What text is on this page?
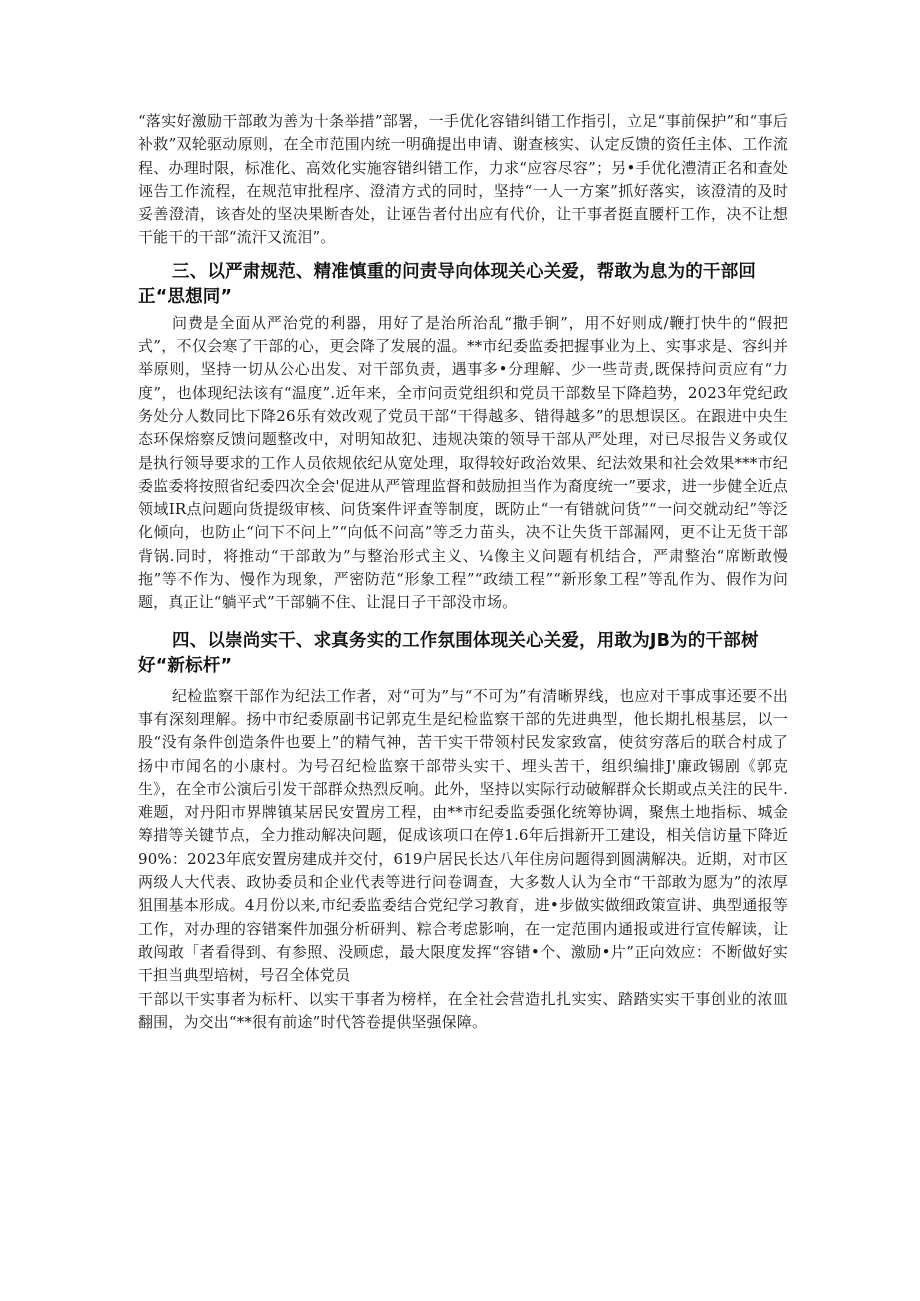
“落实好激励干部敢为善为十条举措”部署，一手优化容错纠错工作指引，立足“事前保护”和“事后补救”双轮驱动原则，在全市范围内统一明确提出申请、谢查核实、认定反馈的资任主体、工作流程、办理时限，标准化、高效化实施容错纠错工作，力求“应容尽容”；另•手优化澧清正名和查处诬告工作流程，在规范审批程序、澄清方式的同时，坚持“一人一方案”抓好落实，该澄清的及时妥善澄清，该杳处的坚决果断杳处，让诬告者付出应有代价，让干事者挺直腰杆工作，决不让想干能干的干部“流汗又流泪”。

三、以严肃规范、精准慎重的问责导向体现关心关爱，帮敢为息为的干部回正“思想同”

问费是全面从严治党的利器，用好了是治所治乱“撒手锏”，用不好则成/鞭打快牛的“假把式”，不仅会寒了干部的心，更会降了发展的温。**市纪委监委把握事业为上、实事求是、容纠并举原则，坚持一切从公心出发、对干部负责，遇事多•分理解、少一些苛责,既保持问贡应有“力度”，也体现纪法该有“温度”.近年来，全市问贡党组织和党员干部数呈下降趋势，2023年党纪政务处分人数同比下降26乐有效改观了党员干部“干得越多、错得越多”的思想误区。在跟进中央生态环保熔察反馈问题整改中，对明知故犯、违规决策的领导干部从严处理，对已尽报告义务或仅是执行领导要求的工作人员依规依纪从宽处理，取得较好政治效果、纪法效果和社会效果***市纪委监委将按照省纪委四次全会'促进从严管理监督和鼓励担当作为裔度统一”要求，进一步健全近点领域IR点问题向货提级审核、问货案件评查等制度，既防止“一有错就问货”“一问交就动纪”等泛化倾向，也防止“问下不问上”“向低不问高”等乏力苗头，决不让失货干部漏网，更不让无货干部背锅.同时，将推动“干部敢为”与整治形式主义、¼像主义问题有机结合，严肃整治“席断敢慢拖”等不作为、慢作为现象，严密防范“形象工程”“政绩工程”“新形象工程”等乱作为、假作为问题，真正让“躺平式”干部躺不住、让混日子干部没市场。

四、以崇尚实干、求真务实的工作氛围体现关心关爱，用敢为JB为的干部树好“新标杆”

纪检监察干部作为纪法工作者，对“可为”与“不可为”有清晰界线，也应对干事成事还要不出事有深刻理解。扬中市纪委原副书记郭克生是纪检监察干部的先进典型，他长期扎根基层，以一股“没有条件创造条件也要上”的精气神，苦干实干带领村民发家致富，使贫穷落后的联合村成了扬中市闻名的小康村。为号召纪检监察干部带头实干、埋头苦干，组织编排J'廉政锡剧《郭克生》，在全市公演后引发干部群众热烈反响。此外，坚持以实际行动破解群众长期或点关注的民牛.难题，对丹阳市界牌镇某居民安置房工程，由**市纪委监委强化统筹协调，聚焦土地指标、城金筹措等关键节点，全力推动解决问题，促成该项口在停1.6年后揖新开工建设，相关信访量下降近90%：2023年底安置房建成并交付，619户居民长达八年住房问题得到圆满解决。近期，对市区两级人大代表、政协委员和企业代表等进行问卷调查，大多数人认为全市“干部敢为愿为”的浓厚狙围基本形成。4月份以来,市纪委监委结合党纪学习教育，进•步做实做细政策宣讲、典型通报等工作，对办理的容错案件加强分析研判、粽合考虑影响，在一定范围内通报或进行宣传解读，让敢闯敢「者看得到、有参照、没顾虑，最大限度发挥“容错•个、激励•片”正向效应：不断做好实干担当典型培树，号召全体党员

干部以干实事者为标杆、以实干事者为榜样，在全社会营造扎扎实实、踏踏实实干事创业的浓皿翻围，为交出“**很有前途”时代答卷提供坚强保障。
